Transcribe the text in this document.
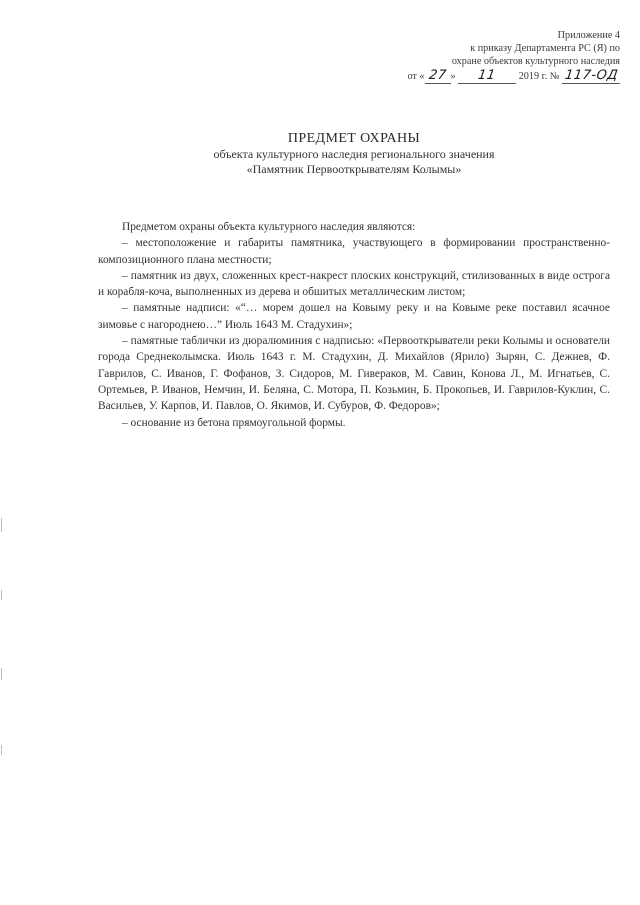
Приложение 4
к приказу Департамента РС (Я) по
охране объектов культурного наследия
от « 27 » 11 2019 г. № 117-ОД
ПРЕДМЕТ ОХРАНЫ
объекта культурного наследия регионального значения
«Памятник Первооткрывателям Колымы»

Предметом охраны объекта культурного наследия являются:

– местоположение и габариты памятника, участвующего в формировании пространственно-композиционного плана местности;

– памятник из двух, сложенных крест-накрест плоских конструкций, стилизованных в виде острога и корабля-коча, выполненных из дерева и обшитых металлическим листом;

– памятные надписи: «“… морем дошел на Ковыму реку и на Ковыме реке поставил ясачное зимовье с нагороднею…” Июль 1643 М. Стадухин»;

– памятные таблички из дюралюминия с надписью: «Первооткрыватели реки Колымы и основатели города Среднеколымска. Июль 1643 г. М. Стадухин, Д. Михайлов (Ярило) Зырян, С. Дежнев, Ф. Гаврилов, С. Иванов, Г. Фофанов, З. Сидоров, М. Гивераков, М. Савин, Конова Л., М. Игнатьев, С. Ортемьев, Р. Иванов, Немчин, И. Беляна, С. Мотора, П. Козьмин, Б. Прокопьев, И. Гаврилов-Куклин, С. Васильев, У. Карпов, И. Павлов, О. Якимов, И. Субуров, Ф. Федоров»;

– основание из бетона прямоугольной формы.
